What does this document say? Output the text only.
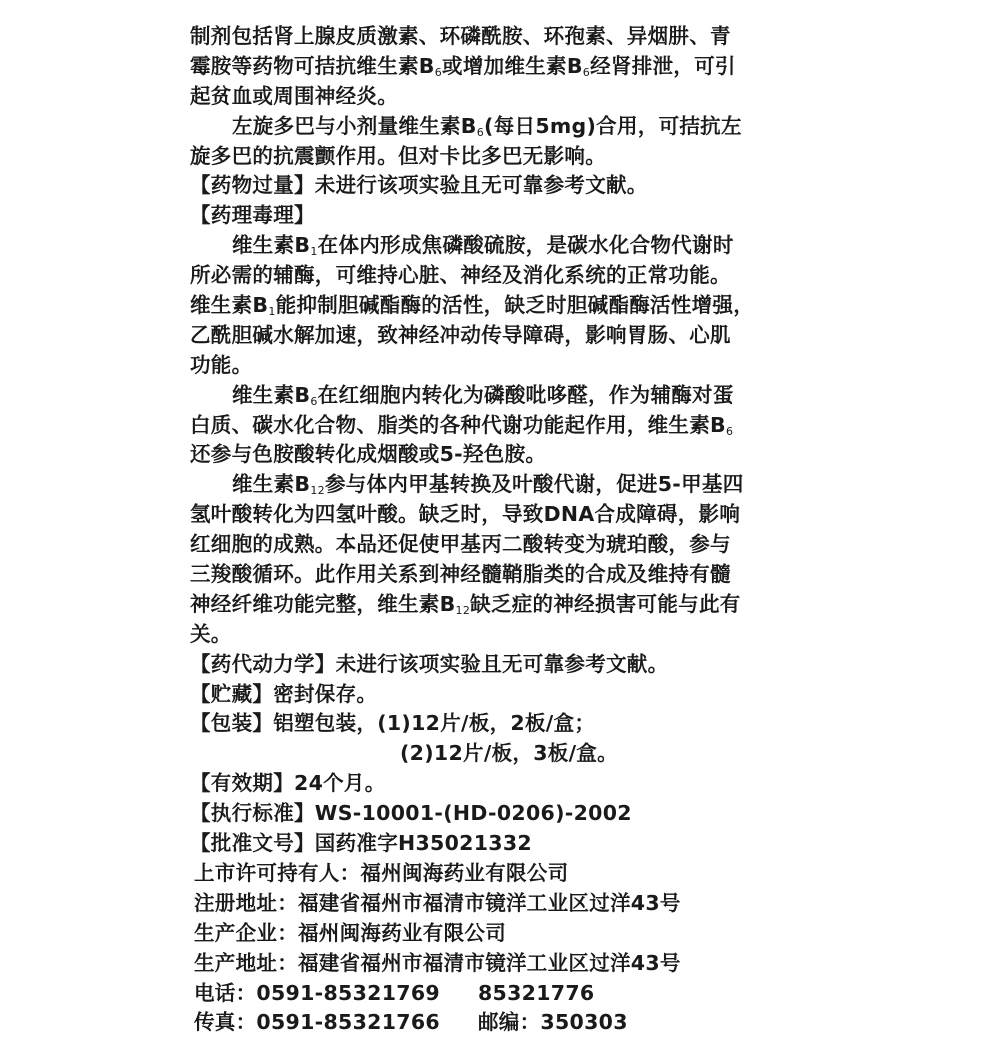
制剂包括肾上腺皮质激素、环磷酰胺、环孢素、异烟肼、青
霉胺等药物可拮抗维生素$B_6$或增加维生素$B_6$经肾排泄，可引
起贫血或周围神经炎。
左旋多巴与小剂量维生素$B_6$(每日5mg)合用，可拮抗左
旋多巴的抗震颤作用。但对卡比多巴无影响。
【药物过量】未进行该项实验且无可靠参考文献。
【药理毒理】
维生素$B_1$在体内形成焦磷酸硫胺，是碳水化合物代谢时
所必需的辅酶，可维持心脏、神经及消化系统的正常功能。
维生素$B_1$能抑制胆碱酯酶的活性，缺乏时胆碱酯酶活性增强，
乙酰胆碱水解加速，致神经冲动传导障碍，影响胃肠、心肌
功能。
维生素$B_6$在红细胞内转化为磷酸吡哆醛，作为辅酶对蛋
白质、碳水化合物、脂类的各种代谢功能起作用，维生素$B_6$
还参与色胺酸转化成烟酸或5-羟色胺。
维生素$B_{12}$参与体内甲基转换及叶酸代谢，促进5-甲基四
氢叶酸转化为四氢叶酸。缺乏时，导致DNA合成障碍，影响
红细胞的成熟。本品还促使甲基丙二酸转变为琥珀酸，参与
三羧酸循环。此作用关系到神经髓鞘脂类的合成及维持有髓
神经纤维功能完整，维生素$B_{12}$缺乏症的神经损害可能与此有
关。
【药代动力学】未进行该项实验且无可靠参考文献。
【贮藏】密封保存。
【包装】铝塑包装，(1)12片/板，2板/盒；
(2)12片/板，3板/盒。
【有效期】24个月。
【执行标准】WS-10001-(HD-0206)-2002
【批准文号】国药准字H35021332
上市许可持有人：福州闽海药业有限公司
注册地址：福建省福州市福清市镜洋工业区过洋43号
生产企业：福州闽海药业有限公司
生产地址：福建省福州市福清市镜洋工业区过洋43号
电话：0591-85321769 85321776
传真：0591-85321766 邮编：350303
